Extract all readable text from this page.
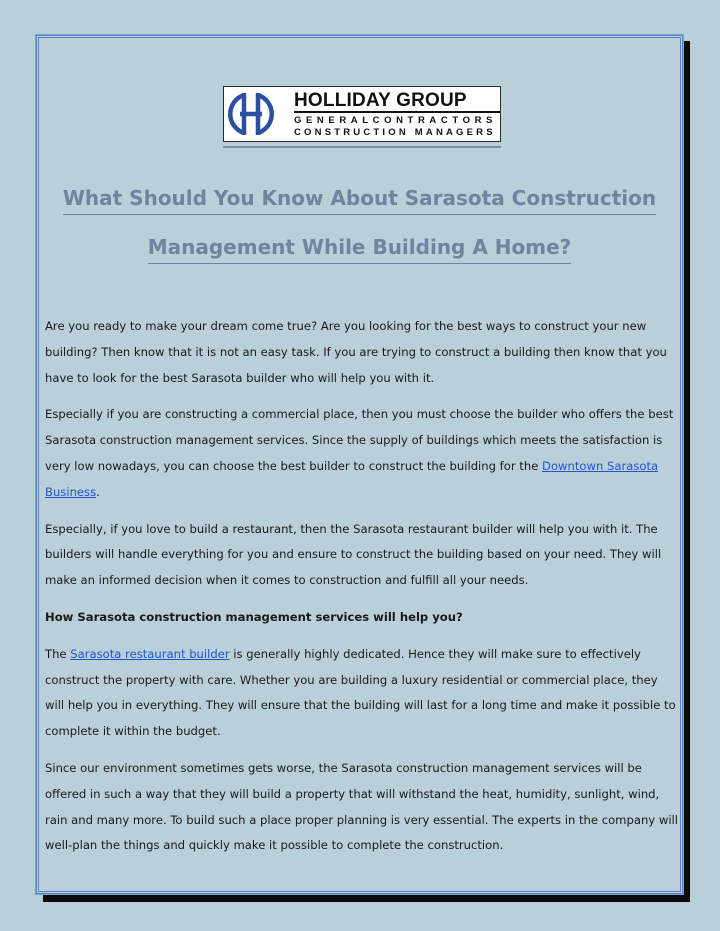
HOLLIDAY GROUP
GENERALCONTRACTORS
CONSTRUCTION MANAGERS
What Should You Know About Sarasota Construction
Management While Building A Home?

Are you ready to make your dream come true? Are you looking for the best ways to construct your new building? Then know that it is not an easy task. If you are trying to construct a building then know that you have to look for the best Sarasota builder who will help you with it.

Especially if you are constructing a commercial place, then you must choose the builder who offers the best Sarasota construction management services. Since the supply of buildings which meets the satisfaction is very low nowadays, you can choose the best builder to construct the building for the Downtown Sarasota Business.

Especially, if you love to build a restaurant, then the Sarasota restaurant builder will help you with it. The builders will handle everything for you and ensure to construct the building based on your need. They will make an informed decision when it comes to construction and fulfill all your needs.

How Sarasota construction management services will help you?

The Sarasota restaurant builder is generally highly dedicated. Hence they will make sure to effectively construct the property with care. Whether you are building a luxury residential or commercial place, they will help you in everything. They will ensure that the building will last for a long time and make it possible to complete it within the budget.

Since our environment sometimes gets worse, the Sarasota construction management services will be offered in such a way that they will build a property that will withstand the heat, humidity, sunlight, wind, rain and many more. To build such a place proper planning is very essential. The experts in the company will well-plan the things and quickly make it possible to complete the construction.
